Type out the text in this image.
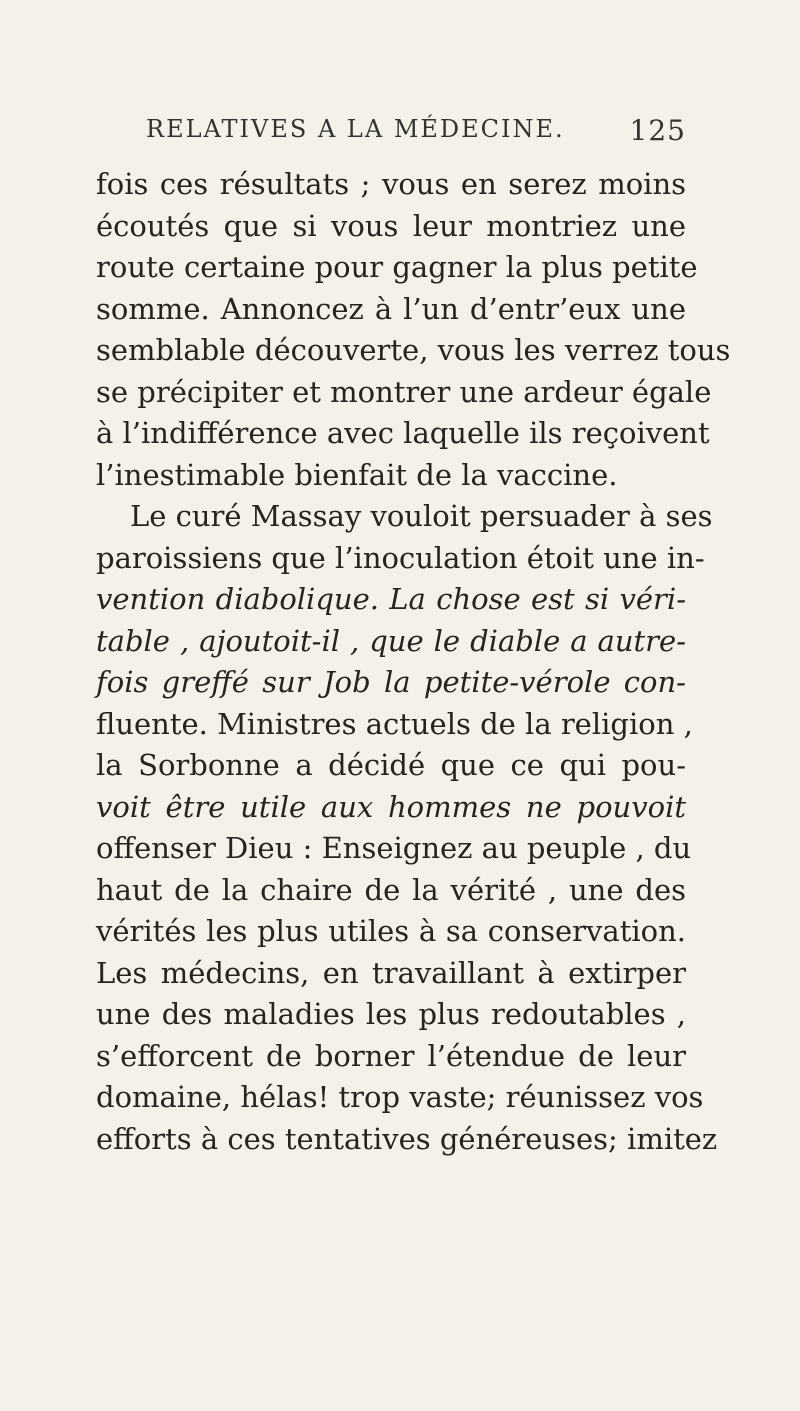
RELATIVES A LA MÉDECINE. 125
fois ces résultats ; vous en serez moins
écoutés que si vous leur montriez une
route certaine pour gagner la plus petite
somme. Annoncez à l’un d’entr’eux une
semblable découverte, vous les verrez tous
se précipiter et montrer une ardeur égale
à l’indifférence avec laquelle ils reçoivent
l’inestimable bienfait de la vaccine.
Le curé Massay vouloit persuader à ses
paroissiens que l’inoculation étoit une in-
vention diabolique. La chose est si véri-
table , ajoutoit-il , que le diable a autre-
fois greffé sur Job la petite-vérole con-
fluente. Ministres actuels de la religion ,
la Sorbonne a décidé que ce qui pou-
voit être utile aux hommes ne pouvoit
offenser Dieu : Enseignez au peuple , du
haut de la chaire de la vérité , une des
vérités les plus utiles à sa conservation.
Les médecins, en travaillant à extirper
une des maladies les plus redoutables ,
s’efforcent de borner l’étendue de leur
domaine, hélas! trop vaste; réunissez vos
efforts à ces tentatives généreuses; imitez
